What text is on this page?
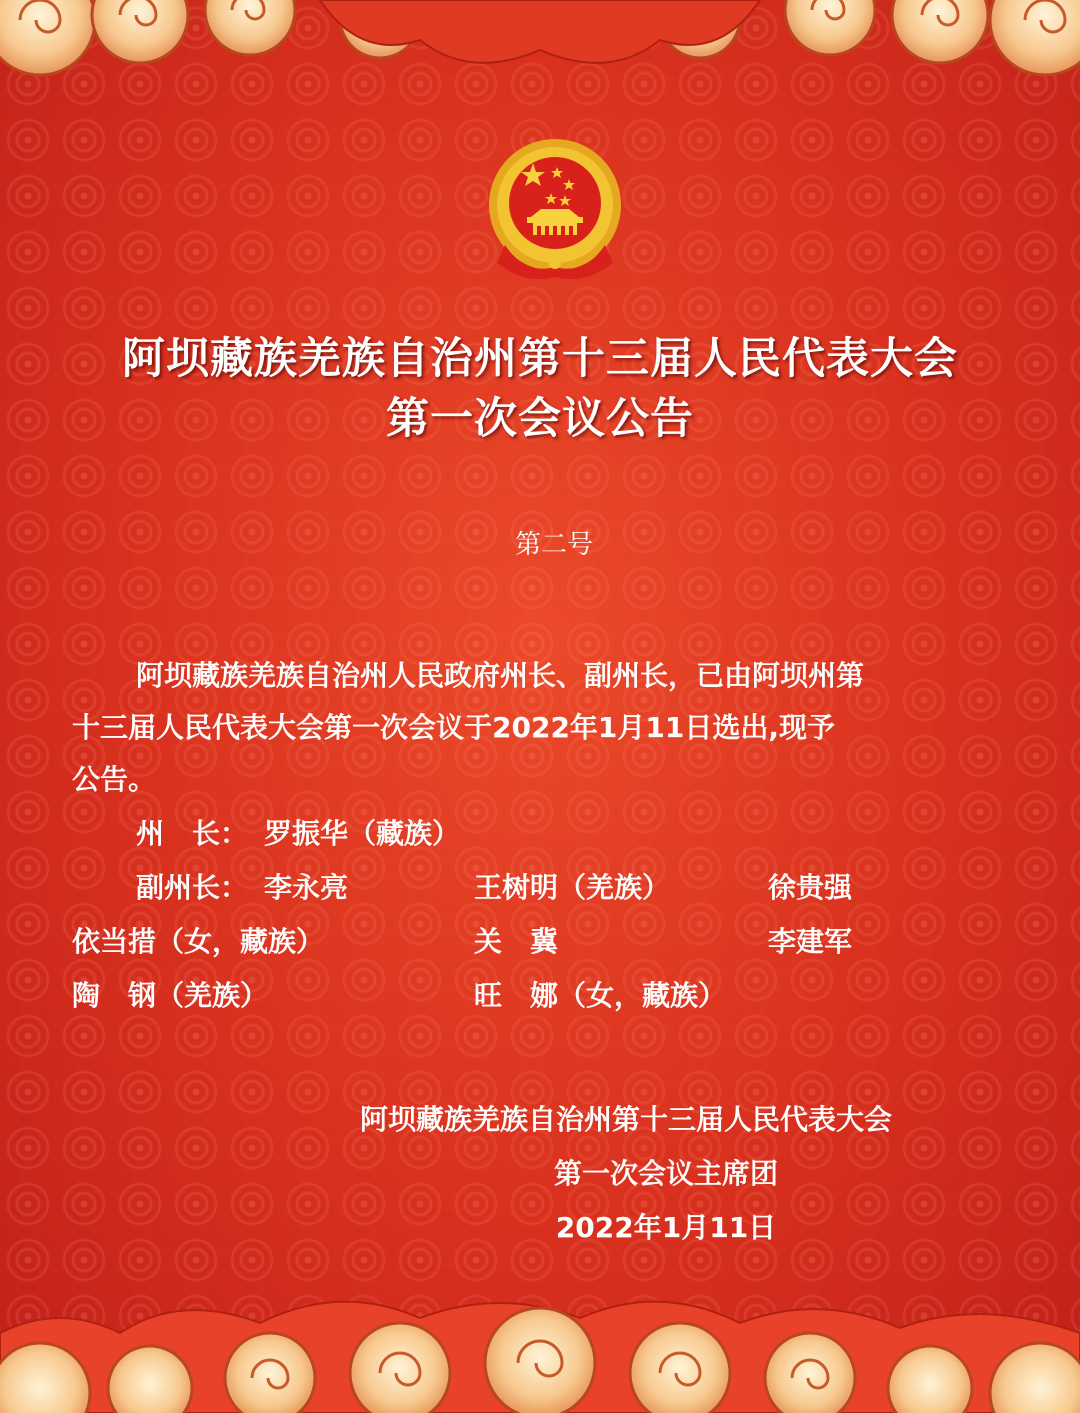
阿坝藏族羌族自治州第十三届人民代表大会
第一次会议公告
第二号
阿坝藏族羌族自治州人民政府州长、副州长，已由阿坝州第
十三届人民代表大会第一次会议于2022年1月11日选出,现予
公告。
州　长： 罗振华（藏族）
副州长： 李永亮	王树明（羌族）	徐贵强
依当措（女，藏族）	关　冀	李建军
陶　钢（羌族）	旺　娜（女，藏族）
阿坝藏族羌族自治州第十三届人民代表大会
第一次会议主席团
2022年1月11日
